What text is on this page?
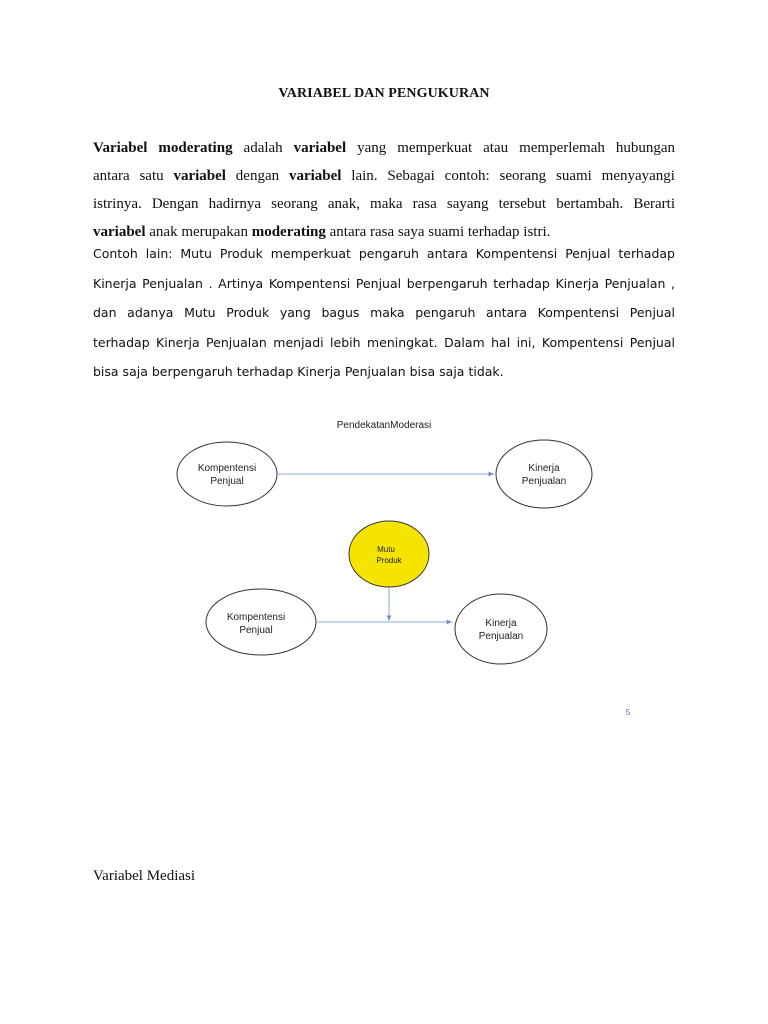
VARIABEL DAN PENGUKURAN
Variabel moderating adalah variabel yang memperkuat atau memperlemah hubungan
antara satu variabel dengan variabel lain. Sebagai contoh: seorang suami menyayangi
istrinya. Dengan hadirnya seorang anak, maka rasa sayang tersebut bertambah. Berarti
variabel anak merupakan moderating antara rasa saya suami terhadap istri.
Contoh lain: Mutu Produk memperkuat pengaruh antara Kompentensi Penjual terhadap
Kinerja Penjualan . Artinya Kompentensi Penjual berpengaruh terhadap Kinerja Penjualan ,
dan adanya Mutu Produk yang bagus maka pengaruh antara Kompentensi Penjual
terhadap Kinerja Penjualan menjadi lebih meningkat. Dalam hal ini, Kompentensi Penjual
bisa saja berpengaruh terhadap Kinerja Penjualan bisa saja tidak.
PendekatanModerasi
Kompentensi
Penjual
Kinerja
Penjualan
Mutu
Produk
Kompentensi
Penjual
Kinerja
Penjualan
5
Variabel Mediasi
